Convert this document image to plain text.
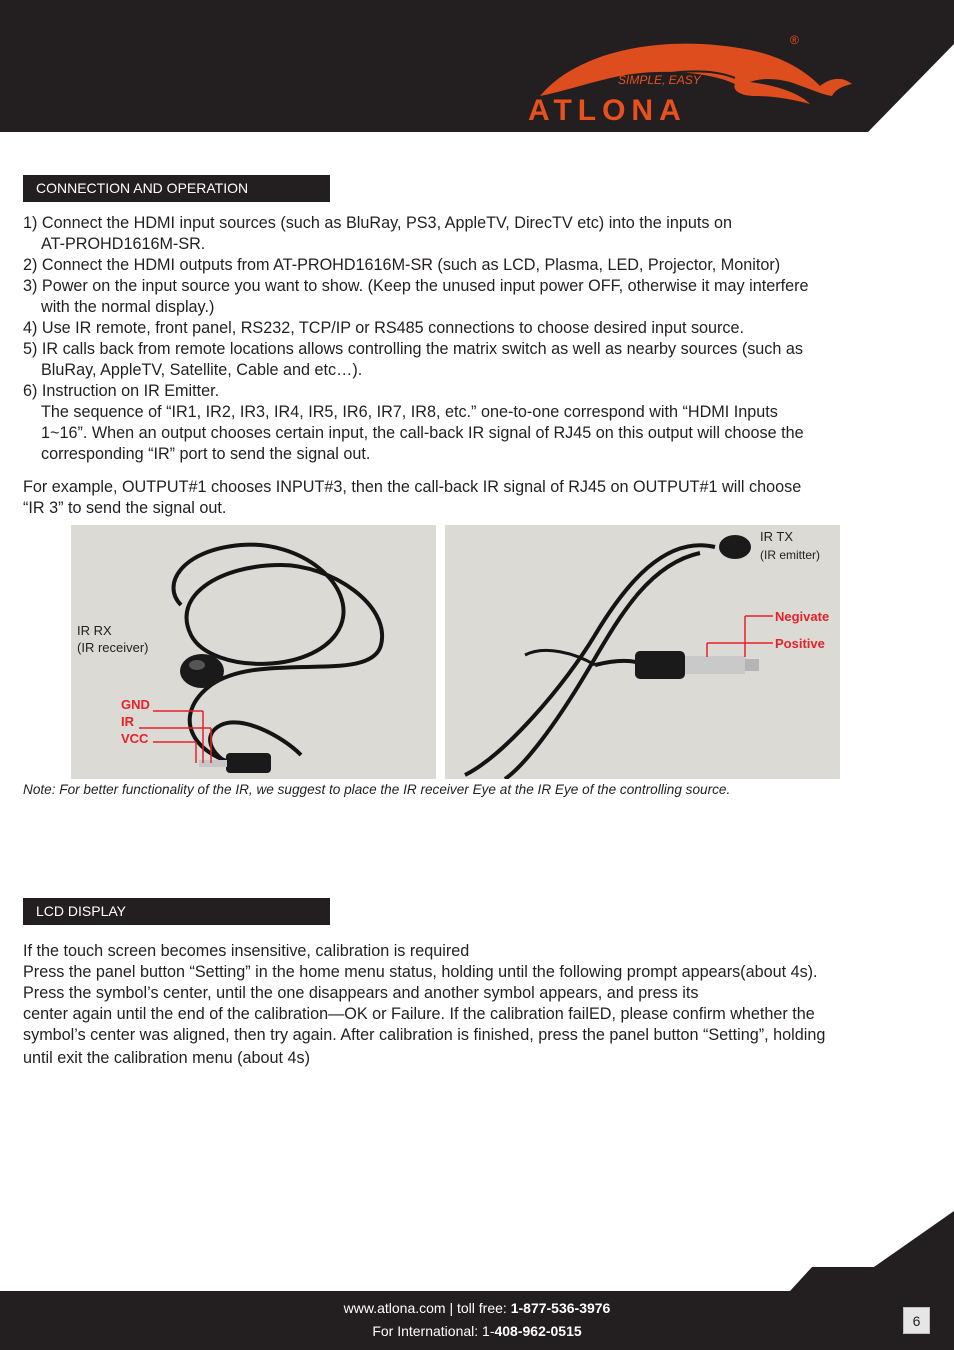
®
SIMPLE, EASY
ATLONA
CONNECTION AND OPERATION

1) Connect the HDMI input sources (such as BluRay, PS3, AppleTV, DirecTV etc) into the inputs on

AT-PROHD1616M-SR.

2) Connect the HDMI outputs from AT-PROHD1616M-SR (such as LCD, Plasma, LED, Projector, Monitor)

3) Power on the input source you want to show. (Keep the unused input power OFF, otherwise it may interfere

with the normal display.)

4) Use IR remote, front panel, RS232, TCP/IP or RS485 connections to choose desired input source.

5) IR calls back from remote locations allows controlling the matrix switch as well as nearby sources (such as

BluRay, AppleTV, Satellite, Cable and etc…).

6) Instruction on IR Emitter.

The sequence of “IR1, IR2, IR3, IR4, IR5, IR6, IR7, IR8, etc.” one-to-one correspond with “HDMI Inputs

1~16”. When an output chooses certain input, the call-back IR signal of RJ45 on this output will choose the

corresponding “IR” port to send the signal out.

For example, OUTPUT#1 chooses INPUT#3, then the call-back IR signal of RJ45 on OUTPUT#1 will choose

“IR 3” to send the signal out.

IR RX
(IR receiver)
GND
IR
VCC
IR TX
(IR emitter)
Negivate
Positive
Note: For better functionality of the IR, we suggest to place the IR receiver Eye at the IR Eye of the controlling source.
LCD DISPLAY

If the touch screen becomes insensitive, calibration is required

Press the panel button “Setting” in the home menu status, holding until the following prompt appears(about 4s).

Press the symbol’s center, until the one disappears and another symbol appears, and press its

center again until the end of the calibration—OK or Failure. If the calibration failED, please confirm whether the

symbol’s center was aligned, then try again. After calibration is finished, press the panel button “Setting”, holding

until exit the calibration menu (about 4s)

www.atlona.com | toll free: 1-877-536-3976
For International: 1-408-962-0515
6
